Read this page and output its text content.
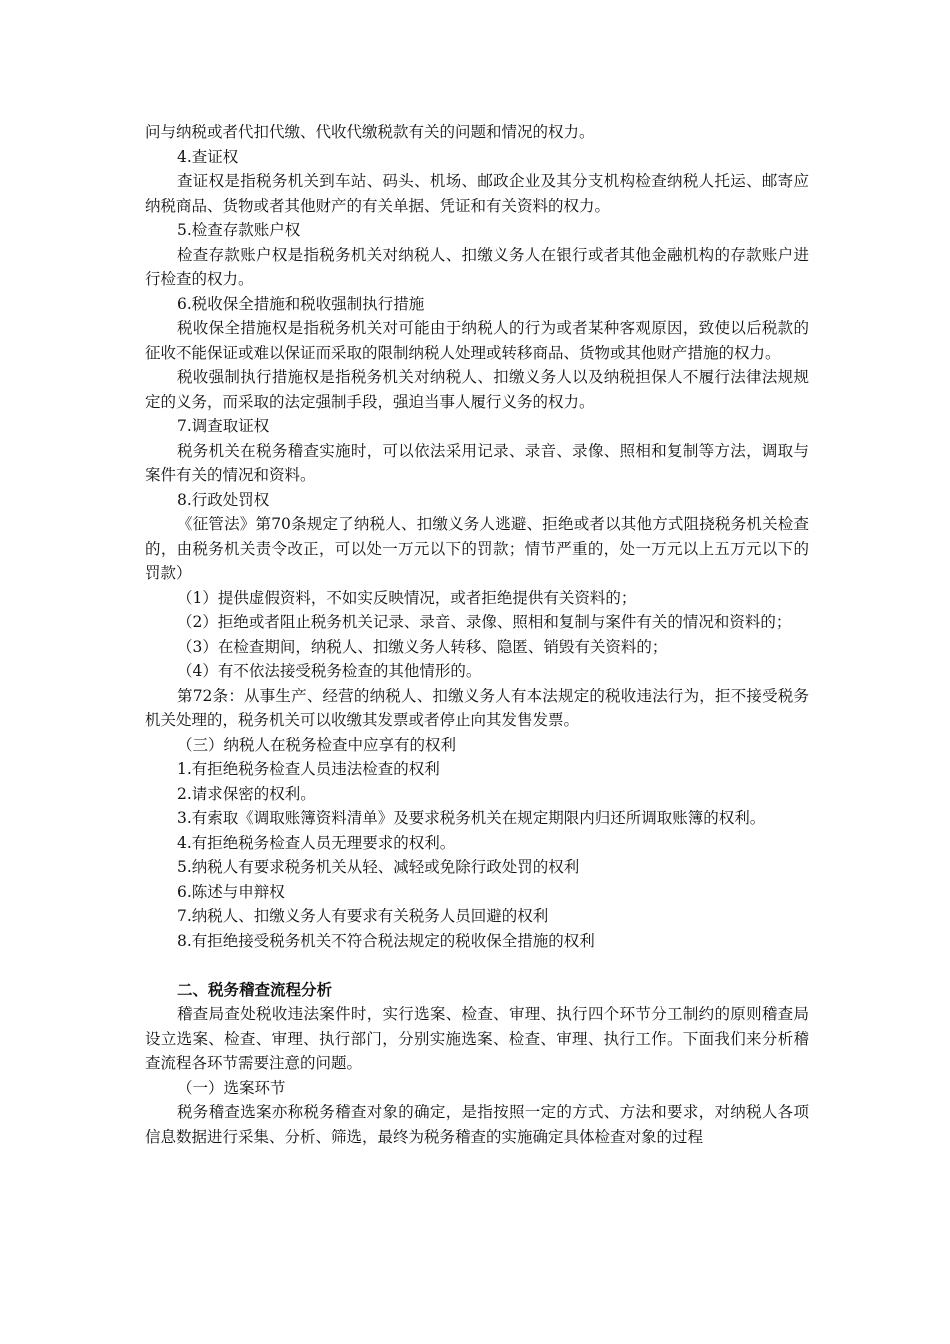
问与纳税或者代扣代缴、代收代缴税款有关的问题和情况的权力。

4.查证权

查证权是指税务机关到车站、码头、机场、邮政企业及其分支机构检查纳税人托运、邮寄应纳税商品、货物或者其他财产的有关单据、凭证和有关资料的权力。

5.检查存款账户权

检查存款账户权是指税务机关对纳税人、扣缴义务人在银行或者其他金融机构的存款账户进行检查的权力。

6.税收保全措施和税收强制执行措施

税收保全措施权是指税务机关对可能由于纳税人的行为或者某种客观原因，致使以后税款的征收不能保证或难以保证而采取的限制纳税人处理或转移商品、货物或其他财产措施的权力。

税收强制执行措施权是指税务机关对纳税人、扣缴义务人以及纳税担保人不履行法律法规规定的义务，而采取的法定强制手段，强迫当事人履行义务的权力。

7.调查取证权

税务机关在税务稽查实施时，可以依法采用记录、录音、录像、照相和复制等方法，调取与案件有关的情况和资料。

8.行政处罚权

《征管法》第70条规定了纳税人、扣缴义务人逃避、拒绝或者以其他方式阻挠税务机关检查的，由税务机关责令改正，可以处一万元以下的罚款；情节严重的，处一万元以上五万元以下的罚款）

（1）提供虚假资料，不如实反映情况，或者拒绝提供有关资料的；

（2）拒绝或者阻止税务机关记录、录音、录像、照相和复制与案件有关的情况和资料的；

（3）在检查期间，纳税人、扣缴义务人转移、隐匿、销毁有关资料的；

（4）有不依法接受税务检查的其他情形的。

第72条：从事生产、经营的纳税人、扣缴义务人有本法规定的税收违法行为，拒不接受税务机关处理的，税务机关可以收缴其发票或者停止向其发售发票。

（三）纳税人在税务检查中应享有的权利

1.有拒绝税务检查人员违法检查的权利

2.请求保密的权利。

3.有索取《调取账簿资料清单》及要求税务机关在规定期限内归还所调取账簿的权利。

4.有拒绝税务检查人员无理要求的权利。

5.纳税人有要求税务机关从轻、减轻或免除行政处罚的权利

6.陈述与申辩权

7.纳税人、扣缴义务人有要求有关税务人员回避的权利

8.有拒绝接受税务机关不符合税法规定的税收保全措施的权利

二、税务稽查流程分析

稽查局查处税收违法案件时，实行选案、检查、审理、执行四个环节分工制约的原则稽查局设立选案、检查、审理、执行部门，分别实施选案、检查、审理、执行工作。下面我们来分析稽查流程各环节需要注意的问题。

（一）选案环节

税务稽查选案亦称税务稽查对象的确定，是指按照一定的方式、方法和要求，对纳税人各项信息数据进行采集、分析、筛选，最终为税务稽查的实施确定具体检查对象的过程
